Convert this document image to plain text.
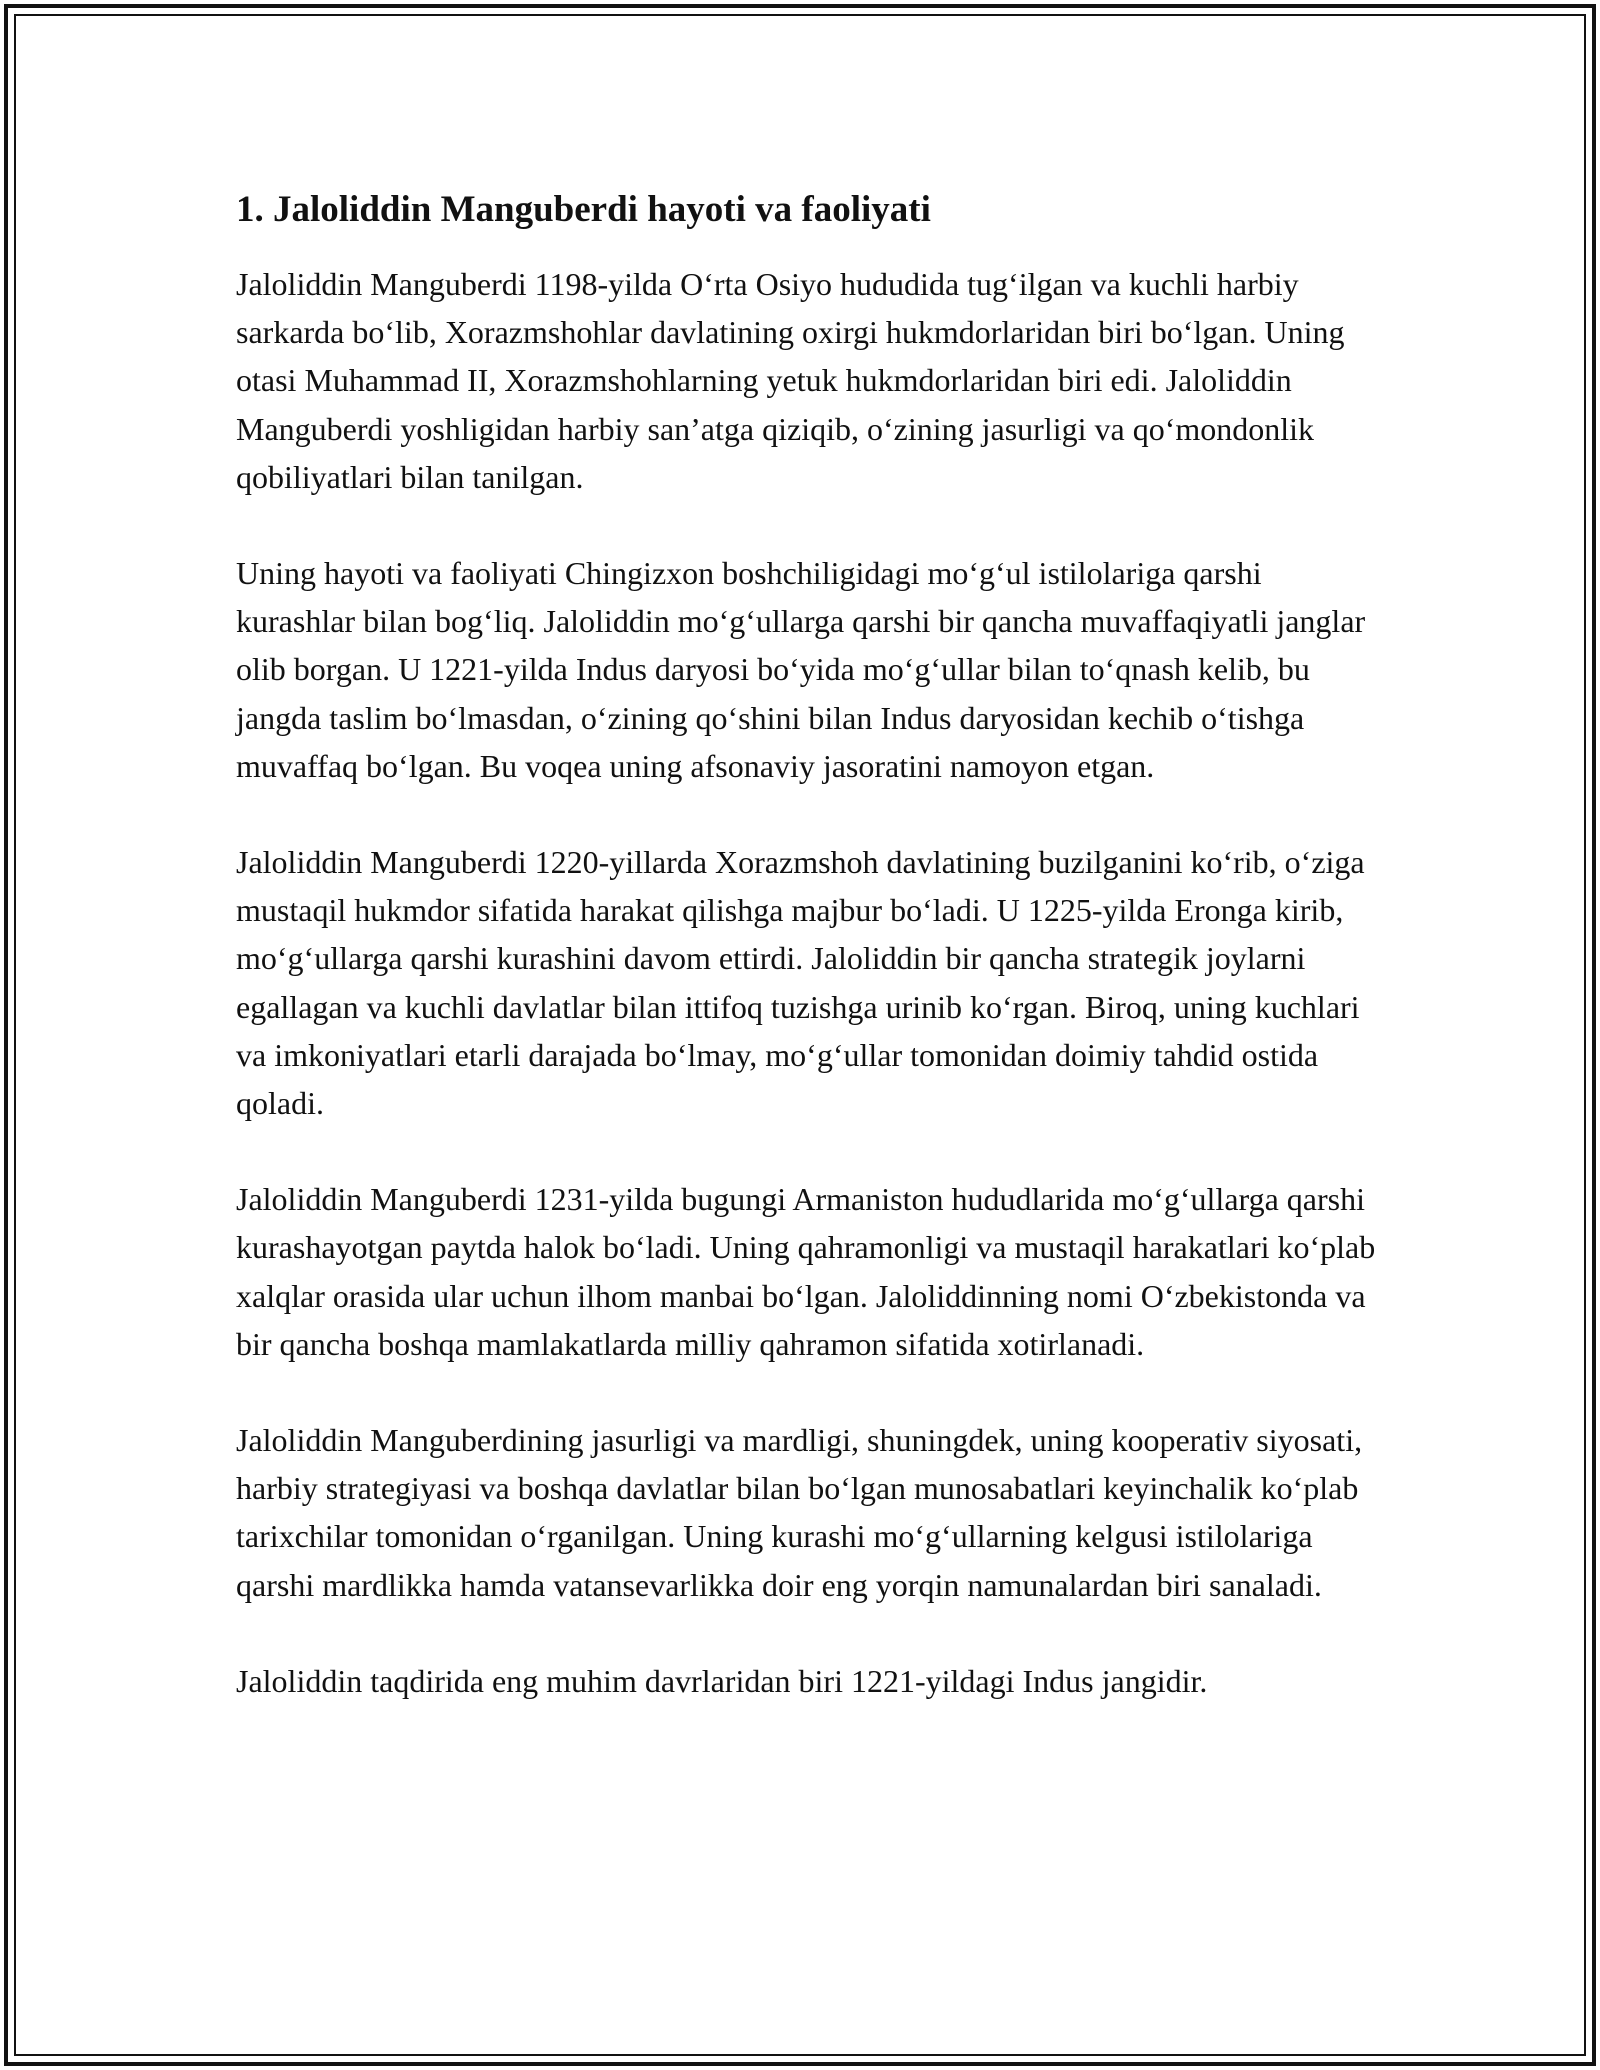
1. Jaloliddin Manguberdi hayoti va faoliyati

Jaloliddin Manguberdi 1198-yilda O‘rta Osiyo hududida tug‘ilgan va kuchli harbiy sarkarda bo‘lib, Xorazmshohlar davlatining oxirgi hukmdorlaridan biri bo‘lgan. Uning otasi Muhammad II, Xorazmshohlarning yetuk hukmdorlaridan biri edi. Jaloliddin Manguberdi yoshligidan harbiy san’atga qiziqib, o‘zining jasurligi va qo‘mondonlik qobiliyatlari bilan tanilgan.

Uning hayoti va faoliyati Chingizxon boshchiligidagi mo‘g‘ul istilolariga qarshi kurashlar bilan bog‘liq. Jaloliddin mo‘g‘ullarga qarshi bir qancha muvaffaqiyatli janglar olib borgan. U 1221-yilda Indus daryosi bo‘yida mo‘g‘ullar bilan to‘qnash kelib, bu jangda taslim bo‘lmasdan, o‘zining qo‘shini bilan Indus daryosidan kechib o‘tishga muvaffaq bo‘lgan. Bu voqea uning afsonaviy jasoratini namoyon etgan.

Jaloliddin Manguberdi 1220-yillarda Xorazmshoh davlatining buzilganini ko‘rib, o‘ziga mustaqil hukmdor sifatida harakat qilishga majbur bo‘ladi. U 1225-yilda Eronga kirib, mo‘g‘ullarga qarshi kurashini davom ettirdi. Jaloliddin bir qancha strategik joylarni egallagan va kuchli davlatlar bilan ittifoq tuzishga urinib ko‘rgan. Biroq, uning kuchlari va imkoniyatlari etarli darajada bo‘lmay, mo‘g‘ullar tomonidan doimiy tahdid ostida qoladi.

Jaloliddin Manguberdi 1231-yilda bugungi Armaniston hududlarida mo‘g‘ullarga qarshi kurashayotgan paytda halok bo‘ladi. Uning qahramonligi va mustaqil harakatlari ko‘plab xalqlar orasida ular uchun ilhom manbai bo‘lgan. Jaloliddinning nomi O‘zbekistonda va bir qancha boshqa mamlakatlarda milliy qahramon sifatida xotirlanadi.

Jaloliddin Manguberdining jasurligi va mardligi, shuningdek, uning kooperativ siyosati, harbiy strategiyasi va boshqa davlatlar bilan bo‘lgan munosabatlari keyinchalik ko‘plab tarixchilar tomonidan o‘rganilgan. Uning kurashi mo‘g‘ullarning kelgusi istilolariga qarshi mardlikka hamda vatansevarlikka doir eng yorqin namunalardan biri sanaladi.

Jaloliddin taqdirida eng muhim davrlaridan biri 1221-yildagi Indus jangidir.
